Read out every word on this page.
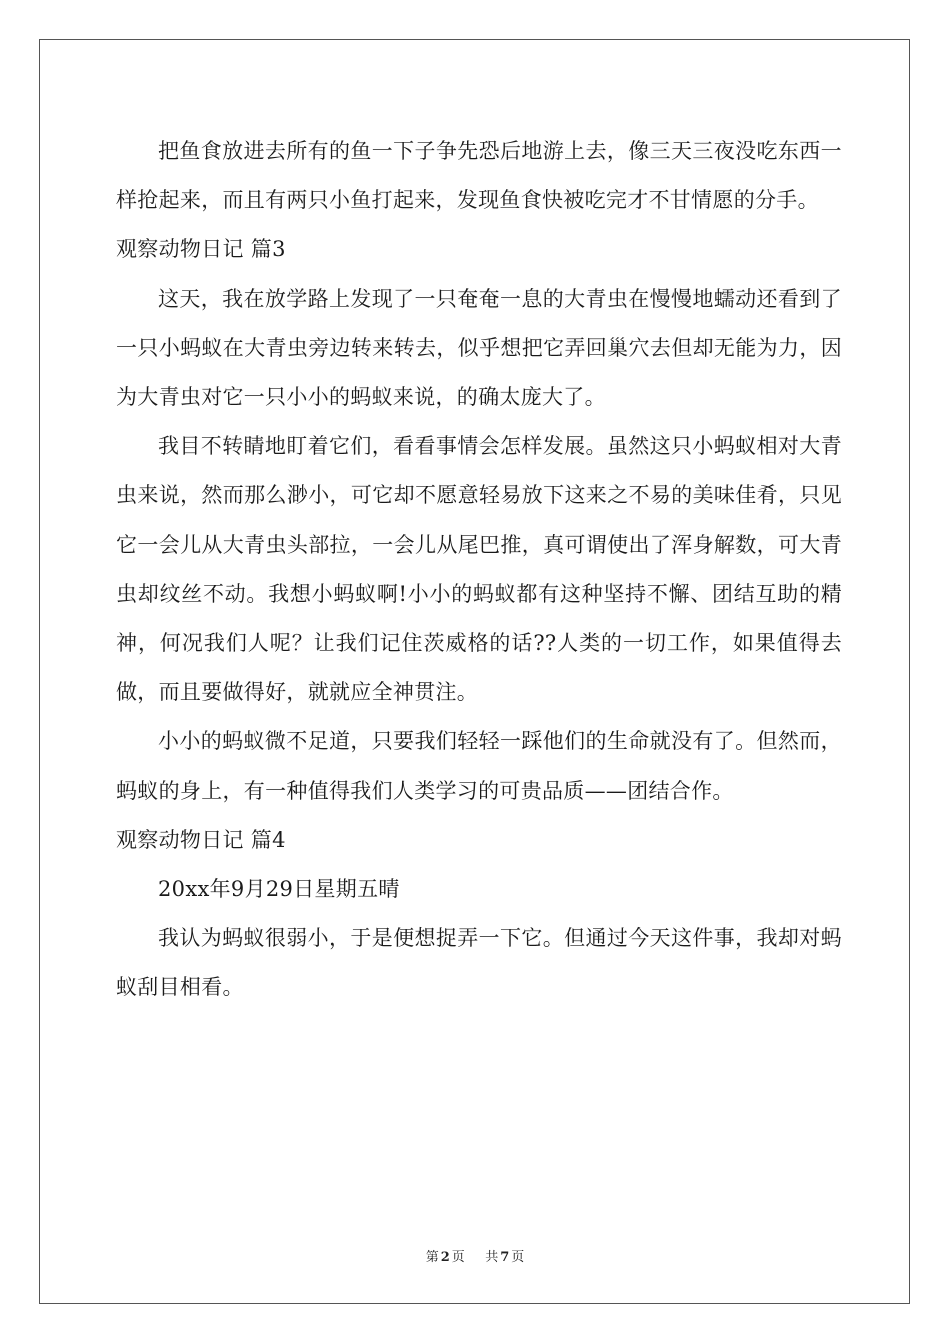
把鱼食放进去所有的鱼一下子争先恐后地游上去，像三天三夜没吃东西一样抢起来，而且有两只小鱼打起来，发现鱼食快被吃完才不甘情愿的分手。

观察动物日记 篇3

这天，我在放学路上发现了一只奄奄一息的大青虫在慢慢地蠕动还看到了一只小蚂蚁在大青虫旁边转来转去，似乎想把它弄回巢穴去但却无能为力，因为大青虫对它一只小小的蚂蚁来说，的确太庞大了。

我目不转睛地盯着它们，看看事情会怎样发展。虽然这只小蚂蚁相对大青虫来说，然而那么渺小，可它却不愿意轻易放下这来之不易的美味佳肴，只见它一会儿从大青虫头部拉，一会儿从尾巴推，真可谓使出了浑身解数，可大青虫却纹丝不动。我想小蚂蚁啊!小小的蚂蚁都有这种坚持不懈、团结互助的精神，何况我们人呢？让我们记住茨威格的话??人类的一切工作，如果值得去做，而且要做得好，就就应全神贯注。

小小的蚂蚁微不足道，只要我们轻轻一踩他们的生命就没有了。但然而，蚂蚁的身上，有一种值得我们人类学习的可贵品质——团结合作。

观察动物日记 篇4

20xx年9月29日星期五晴

我认为蚂蚁很弱小，于是便想捉弄一下它。但通过今天这件事，我却对蚂蚁刮目相看。

第 2 页 共 7 页
